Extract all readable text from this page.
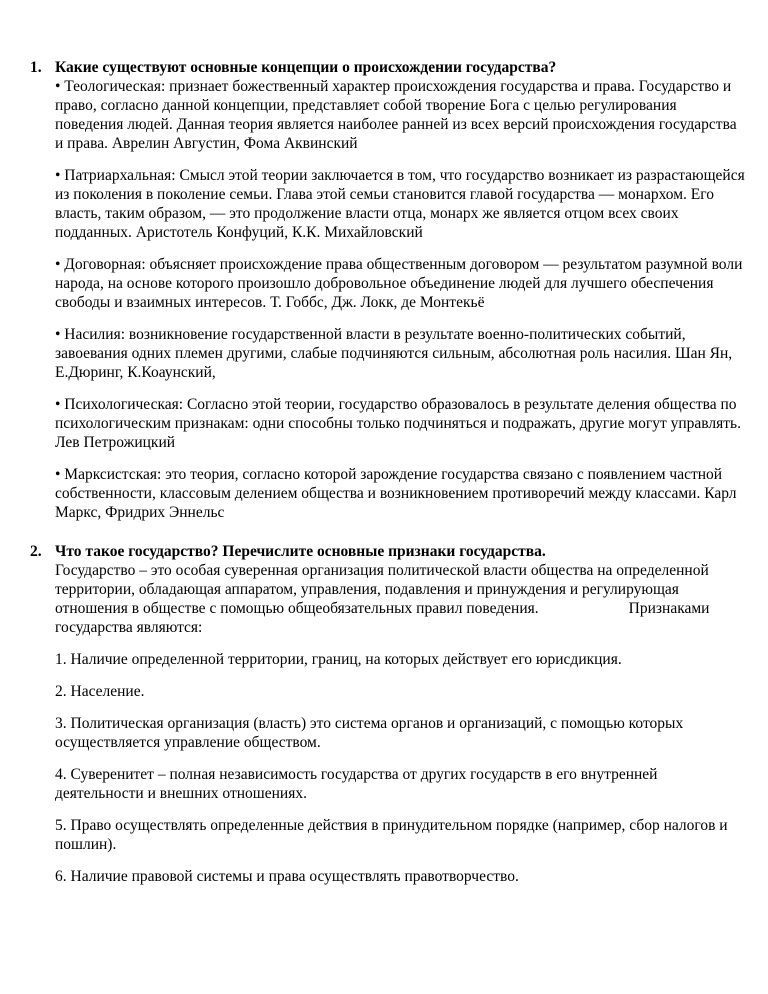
1. Какие существуют основные концепции о происхождении государства?

• Теологическая: признает божественный характер происхождения государства и права. Государство и право, согласно данной концепции, представляет собой творение Бога с целью регулирования поведения людей. Данная теория является наиболее ранней из всех версий происхождения государства и права. Аврелин Августин, Фома Аквинский

• Патриархальная: Смысл этой теории заключается в том, что государство возникает из разрастающейся из поколения в поколение семьи. Глава этой семьи становится главой государства — монархом. Его власть, таким образом, — это продолжение власти отца, монарх же является отцом всех своих подданных. Аристотель Конфуций, К.К. Михайловский

• Договорная: объясняет происхождение права общественным договором — результатом разумной воли народа, на основе которого произошло добровольное объединение людей для лучшего обеспечения свободы и взаимных интересов. Т. Гоббс, Дж. Локк, де Монтекьё

• Насилия: возникновение государственной власти в результате военно-политических событий, завоевания одних племен другими, слабые подчиняются сильным, абсолютная роль насилия. Шан Ян, Е.Дюринг, К.Коаунский,

• Психологическая: Согласно этой теории, государство образовалось в результате деления общества по психологическим признакам: одни способны только подчиняться и подражать, другие могут управлять. Лев Петрожицкий

• Марксистская: это теория, согласно которой зарождение государства связано с появлением частной собственности, классовым делением общества и возникновением противоречий между классами. Карл Маркс, Фридрих Эннельс

2. Что такое государство? Перечислите основные признаки государства.

Государство – это особая суверенная организация политической власти общества на определенной территории, обладающая аппаратом, управления, подавления и принуждения и регулирующая отношения в обществе с помощью общеобязательных правил поведения.	Признаками государства являются:

1. Наличие определенной территории, границ, на которых действует его юрисдикция.

2. Население.

3. Политическая организация (власть) это система органов и организаций, с помощью которых осуществляется управление обществом.

4. Суверенитет – полная независимость государства от других государств в его внутренней деятельности и внешних отношениях.

5. Право осуществлять определенные действия в принудительном порядке (например, сбор налогов и пошлин).

6. Наличие правовой системы и права осуществлять правотворчество.
